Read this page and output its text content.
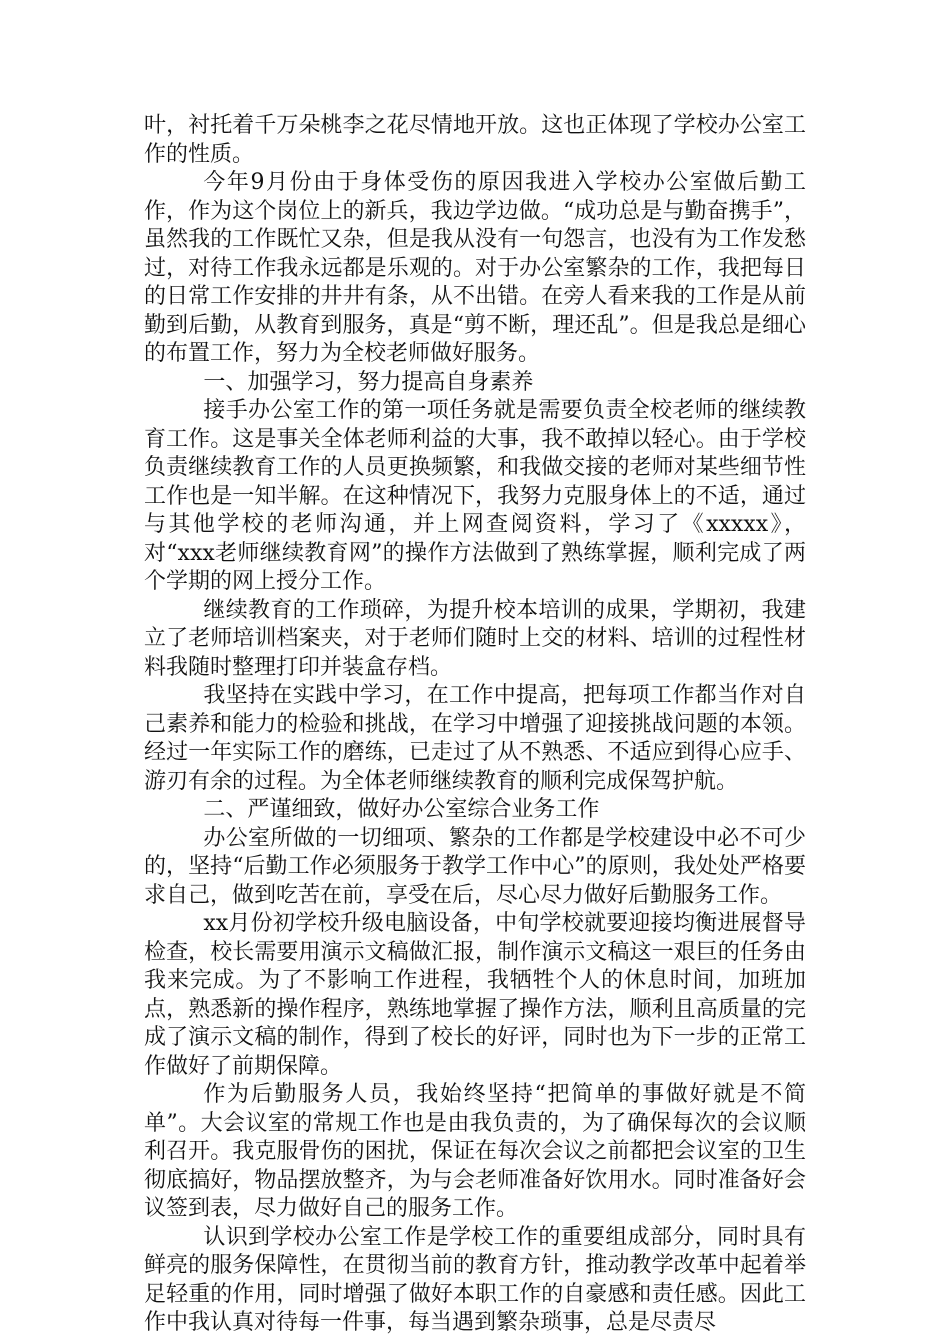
叶，衬托着千万朵桃李之花尽情地开放。这也正体现了学校办公室工作的性质。

今年9月份由于身体受伤的原因我进入学校办公室做后勤工作，作为这个岗位上的新兵，我边学边做。“成功总是与勤奋携手”，虽然我的工作既忙又杂，但是我从没有一句怨言，也没有为工作发愁过，对待工作我永远都是乐观的。对于办公室繁杂的工作，我把每日的日常工作安排的井井有条，从不出错。在旁人看来我的工作是从前勤到后勤，从教育到服务，真是“剪不断，理还乱”。但是我总是细心的布置工作，努力为全校老师做好服务。

一、加强学习，努力提高自身素养

接手办公室工作的第一项任务就是需要负责全校老师的继续教育工作。这是事关全体老师利益的大事，我不敢掉以轻心。由于学校负责继续教育工作的人员更换频繁，和我做交接的老师对某些细节性工作也是一知半解。在这种情况下，我努力克服身体上的不适，通过与其他学校的老师沟通，并上网查阅资料，学习了《xxxxx》，对“xxx老师继续教育网”的操作方法做到了熟练掌握，顺利完成了两个学期的网上授分工作。

继续教育的工作琐碎，为提升校本培训的成果，学期初，我建立了老师培训档案夹，对于老师们随时上交的材料、培训的过程性材料我随时整理打印并装盒存档。

我坚持在实践中学习，在工作中提高，把每项工作都当作对自己素养和能力的检验和挑战，在学习中增强了迎接挑战问题的本领。经过一年实际工作的磨练，已走过了从不熟悉、不适应到得心应手、游刃有余的过程。为全体老师继续教育的顺利完成保驾护航。

二、严谨细致，做好办公室综合业务工作

办公室所做的一切细项、繁杂的工作都是学校建设中必不可少的，坚持“后勤工作必须服务于教学工作中心”的原则，我处处严格要求自己，做到吃苦在前，享受在后，尽心尽力做好后勤服务工作。

xx月份初学校升级电脑设备，中旬学校就要迎接均衡进展督导检查，校长需要用演示文稿做汇报，制作演示文稿这一艰巨的任务由我来完成。为了不影响工作进程，我牺牲个人的休息时间，加班加点，熟悉新的操作程序，熟练地掌握了操作方法，顺利且高质量的完成了演示文稿的制作，得到了校长的好评，同时也为下一步的正常工作做好了前期保障。

作为后勤服务人员，我始终坚持“把简单的事做好就是不简单”。大会议室的常规工作也是由我负责的，为了确保每次的会议顺利召开。我克服骨伤的困扰，保证在每次会议之前都把会议室的卫生彻底搞好，物品摆放整齐，为与会老师准备好饮用水。同时准备好会议签到表，尽力做好自己的服务工作。

认识到学校办公室工作是学校工作的重要组成部分，同时具有鲜亮的服务保障性，在贯彻当前的教育方针，推动教学改革中起着举足轻重的作用，同时增强了做好本职工作的自豪感和责任感。因此工作中我认真对待每一件事，每当遇到繁杂琐事，总是尽责尽
